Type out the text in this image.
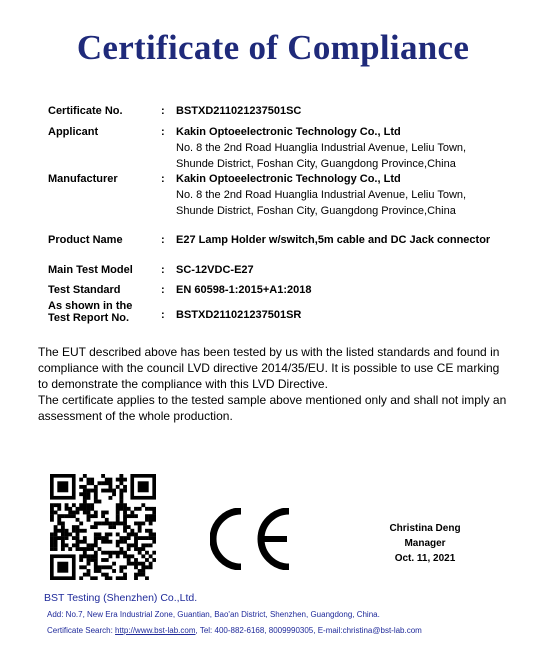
Certificate of Compliance
Certificate No.	: BSTXD211021237501SC
Applicant	: Kakin Optoeelectronic Technology Co., Ltd
No. 8 the 2nd Road Huanglia Industrial Avenue, Leliu Town,
Shunde District, Foshan City, Guangdong Province,China
Manufacturer	: Kakin Optoeelectronic Technology Co., Ltd
No. 8 the 2nd Road Huanglia Industrial Avenue, Leliu Town,
Shunde District, Foshan City, Guangdong Province,China
Product Name	: E27 Lamp Holder w/switch,5m cable and DC Jack connector
Main Test Model	: SC-12VDC-E27
Test Standard	: EN 60598-1:2015+A1:2018
As shown in the
Test Report No.	: BSTXD211021237501SR
The EUT described above has been tested by us with the listed standards and found in
compliance with the council LVD directive 2014/35/EU. It is possible to use CE marking
to demonstrate the compliance with this LVD Directive.
The certificate applies to the tested sample above mentioned only and shall not imply an
assessment of the whole production.
Christina Deng
Manager
Oct. 11, 2021
BST Testing (Shenzhen) Co.,Ltd.
Add: No.7, New Era Industrial Zone, Guantian, Bao'an District, Shenzhen, Guangdong, China.
Certificate Search: http://www.bst-lab.com, Tel: 400-882-6168, 8009990305, E-mail:christina@bst-lab.com
